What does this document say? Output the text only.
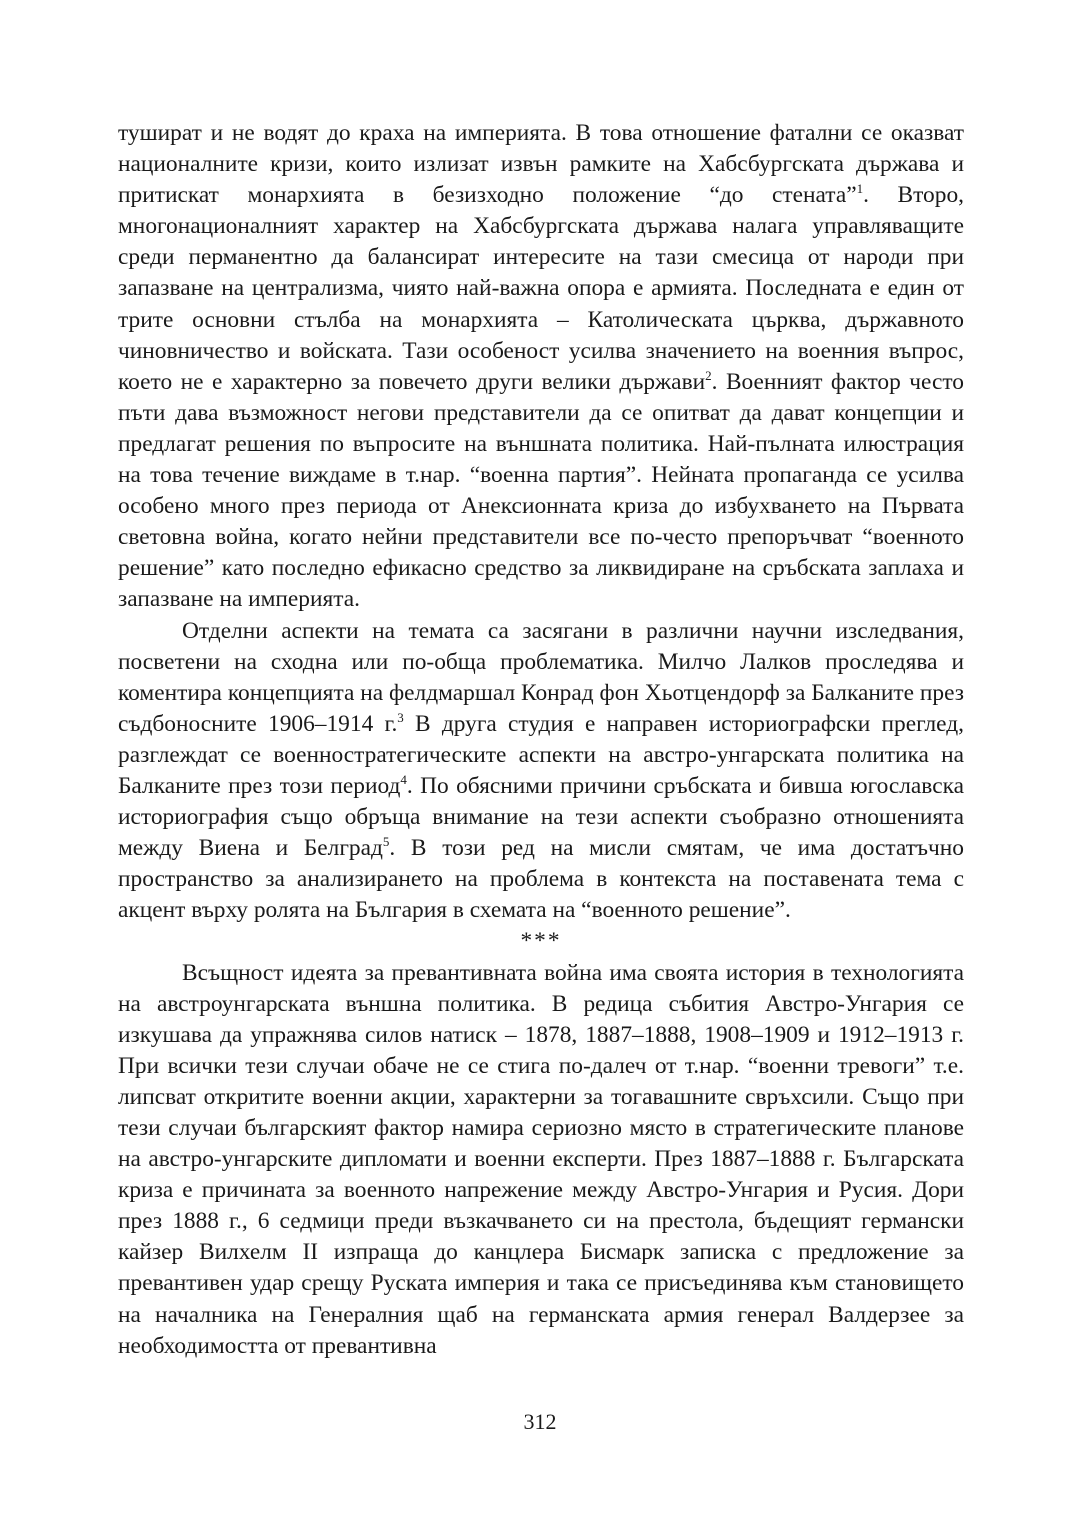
тушират и не водят до краха на империята. В това отношение фатални се оказват националните кризи, които излизат извън рамките на Хабсбургската държава и притискат монархията в безизходно положение “до стената”$^1$. Второ, многонационалният характер на Хабсбургската държава налага управляващите среди перманентно да балансират интересите на тази смесица от народи при запазване на централизма, чиято най-важна опора е армията. Последната е един от трите основни стълба на монархията – Католическата църква, държавното чиновничество и войската. Тази особеност усилва значението на военния въпрос, което не е характерно за повечето други велики държави$^2$. Военният фактор често пъти дава възможност негови представители да се опитват да дават концепции и предлагат решения по въпросите на външната политика. Най-пълната илюстрация на това течение виждаме в т.нар. “военна партия”. Нейната пропаганда се усилва особено много през периода от Анексионната криза до избухването на Първата световна война, когато нейни представители все по-често препоръчват “военното решение” като последно ефикасно средство за ликвидиране на сръбската заплаха и запазване на империята.

Отделни аспекти на темата са засягани в различни научни изследвания, посветени на сходна или по-обща проблематика. Милчо Лалков проследява и коментира концепцията на фелдмаршал Конрад фон Хьотцендорф за Балканите през съдбоносните 1906–1914 г.$^3$ В друга студия е направен историографски преглед, разглеждат се военностратегическите аспекти на австро-унгарската политика на Балканите през този период$^4$. По обясними причини сръбската и бивша югославска историография също обръща внимание на тези аспекти съобразно отношенията между Виена и Белград$^5$. В този ред на мисли смятам, че има достатъчно пространство за анализирането на проблема в контекста на поставената тема с акцент върху ролята на България в схемата на “военното решение”.

***

Всъщност идеята за превантивната война има своята история в технологията на австроунгарската външна политика. В редица събития Австро-Унгария се изкушава да упражнява силов натиск – 1878, 1887–1888, 1908–1909 и 1912–1913 г. При всички тези случаи обаче не се стига по-далеч от т.нар. “военни тревоги” т.е. липсват откритите военни акции, характерни за тогавашните свръхсили. Също при тези случаи българският фактор намира сериозно място в стратегическите планове на австро-унгарските дипломати и военни експерти. През 1887–1888 г. Българската криза е причината за военното напрежение между Австро-Унгария и Русия. Дори през 1888 г., 6 седмици преди възкачването си на престола, бъдещият германски кайзер Вилхелм II изпраща до канцлера Бисмарк записка с предложение за превантивен удар срещу Руската империя и така се присъединява към становището на началника на Генералния щаб на германската армия генерал Валдерзее за необходимостта от превантивна

312
